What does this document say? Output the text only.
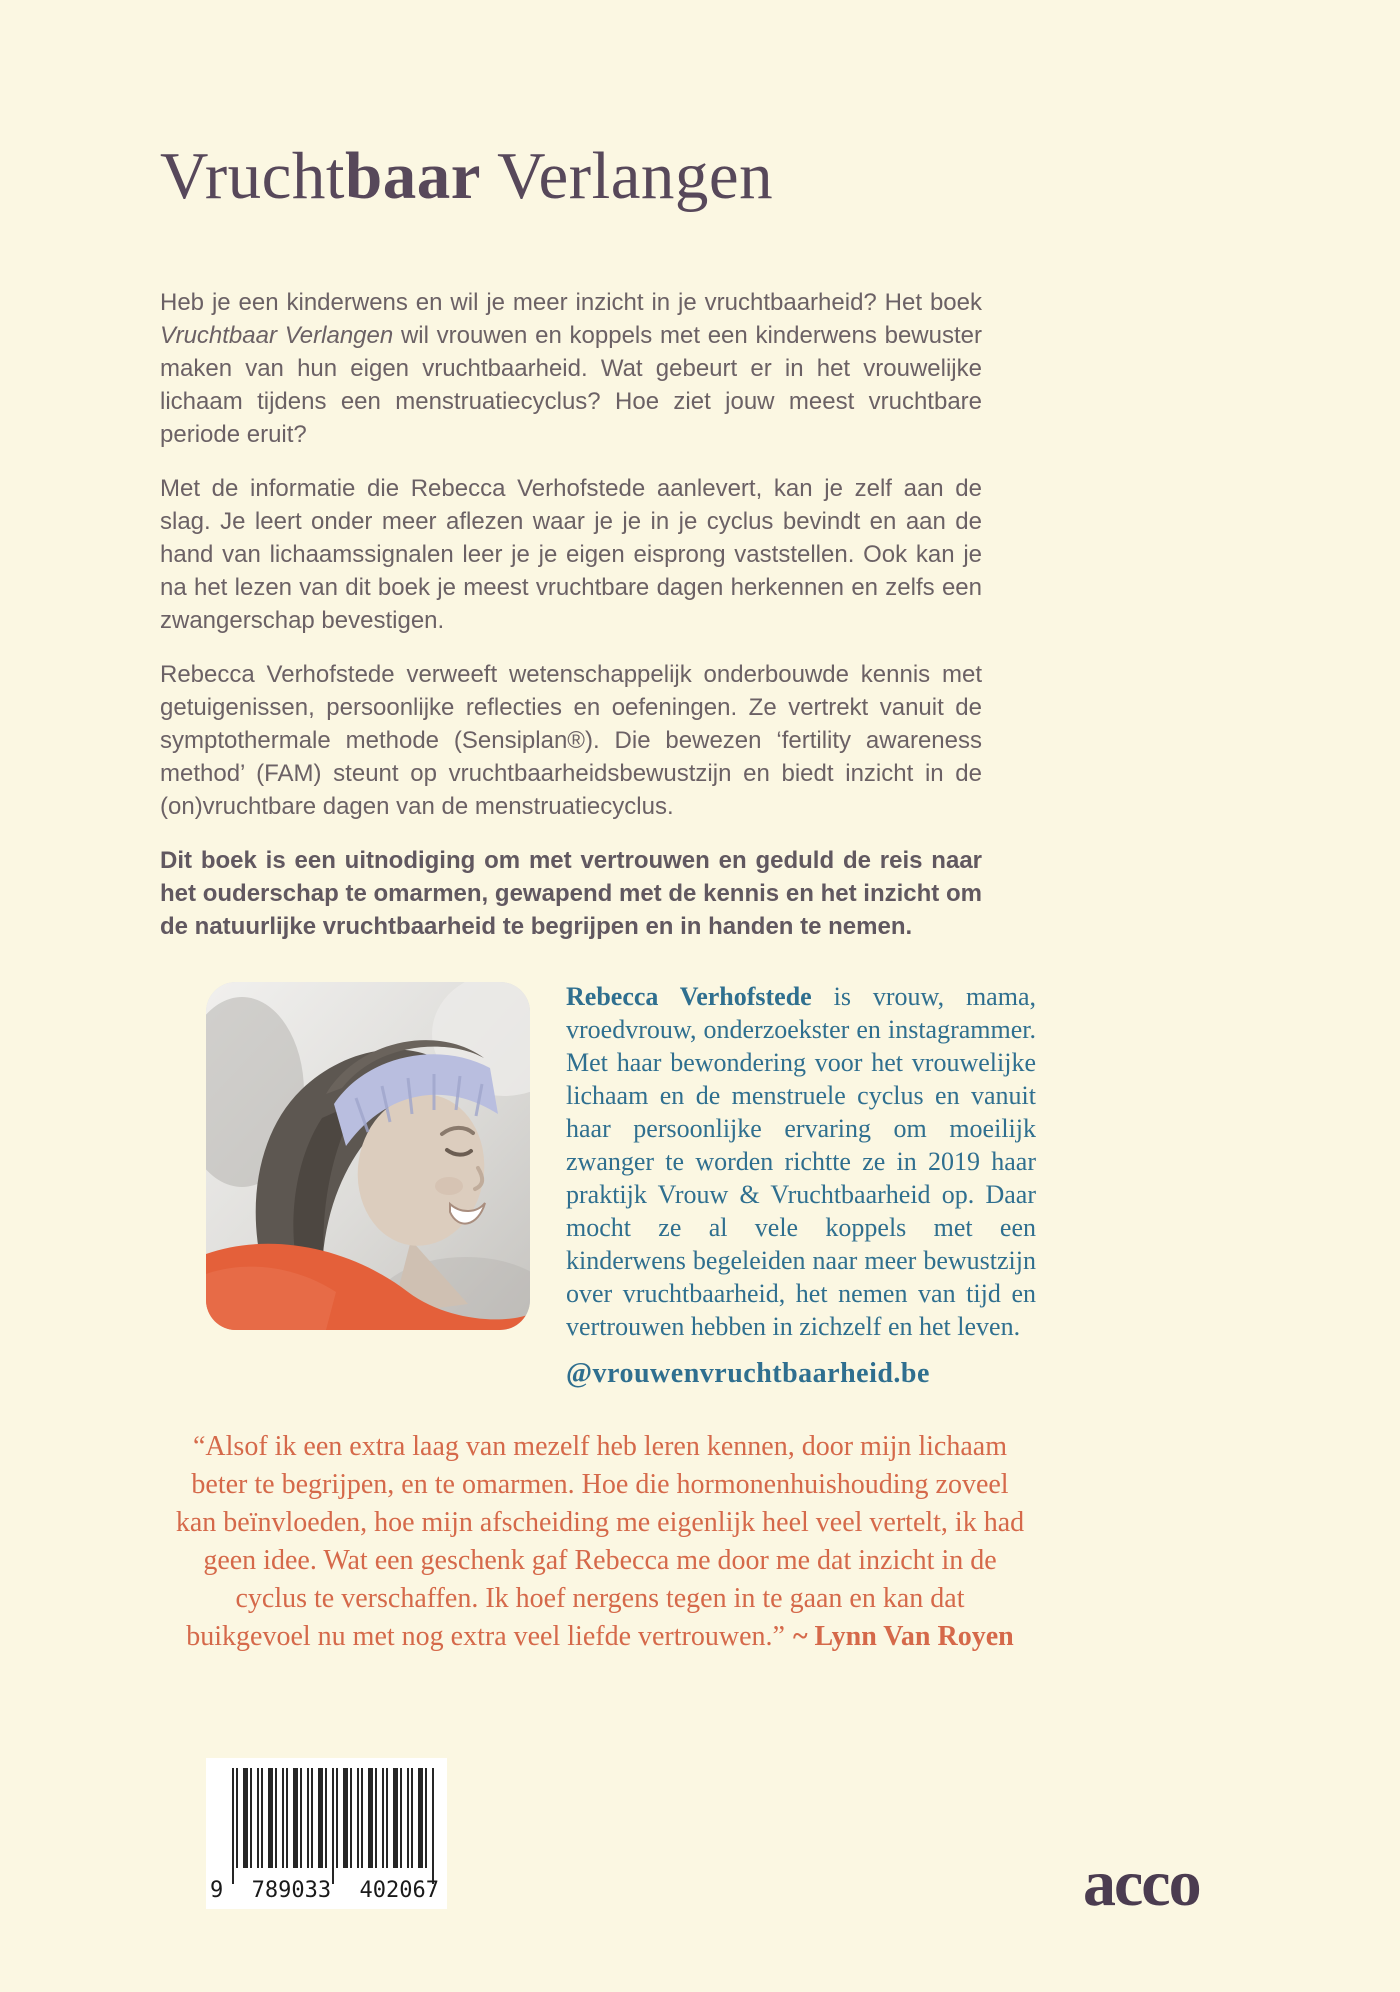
Vruchtbaar Verlangen

Heb je een kinderwens en wil je meer inzicht in je vruchtbaarheid? Het boek Vruchtbaar Verlangen wil vrouwen en koppels met een kinderwens bewuster maken van hun eigen vruchtbaarheid. Wat gebeurt er in het vrouwelijke lichaam tijdens een menstruatiecyclus? Hoe ziet jouw meest vruchtbare periode eruit?

Met de informatie die Rebecca Verhofstede aanlevert, kan je zelf aan de slag. Je leert onder meer aflezen waar je je in je cyclus bevindt en aan de hand van lichaamssignalen leer je je eigen eisprong vaststellen. Ook kan je na het lezen van dit boek je meest vruchtbare dagen herkennen en zelfs een zwangerschap bevestigen.

Rebecca Verhofstede verweeft wetenschappelijk onderbouwde kennis met getuigenissen, persoonlijke reflecties en oefeningen. Ze vertrekt vanuit de symptothermale methode (Sensiplan®). Die bewezen ‘fertility awareness method’ (FAM) steunt op vruchtbaarheidsbewustzijn en biedt inzicht in de (on)vruchtbare dagen van de menstruatiecyclus.

Dit boek is een uitnodiging om met vertrouwen en geduld de reis naar het ouderschap te omarmen, gewapend met de kennis en het inzicht om de natuurlijke vruchtbaarheid te begrijpen en in handen te nemen.

Rebecca Verhofstede is vrouw, mama, vroedvrouw, onderzoekster en instagrammer. Met haar bewondering voor het vrouwelijke lichaam en de menstruele cyclus en vanuit haar persoonlijke ervaring om moeilijk zwanger te worden richtte ze in 2019 haar praktijk Vrouw & Vruchtbaarheid op. Daar mocht ze al vele koppels met een kinderwens begeleiden naar meer bewustzijn over vruchtbaarheid, het nemen van tijd en vertrouwen hebben in zichzelf en het leven.
@vrouwenvruchtbaarheid.be
“Alsof ik een extra laag van mezelf heb leren kennen, door mijn lichaam beter te begrijpen, en te omarmen. Hoe die hormonenhuishouding zoveel kan beïnvloeden, hoe mijn afscheiding me eigenlijk heel veel vertelt, ik had geen idee. Wat een geschenk gaf Rebecca me door me dat inzicht in de cyclus te verschaffen. Ik hoef nergens tegen in te gaan en kan dat buikgevoel nu met nog extra veel liefde vertrouwen.” ~ Lynn Van Royen
9 789033 402067	acco
